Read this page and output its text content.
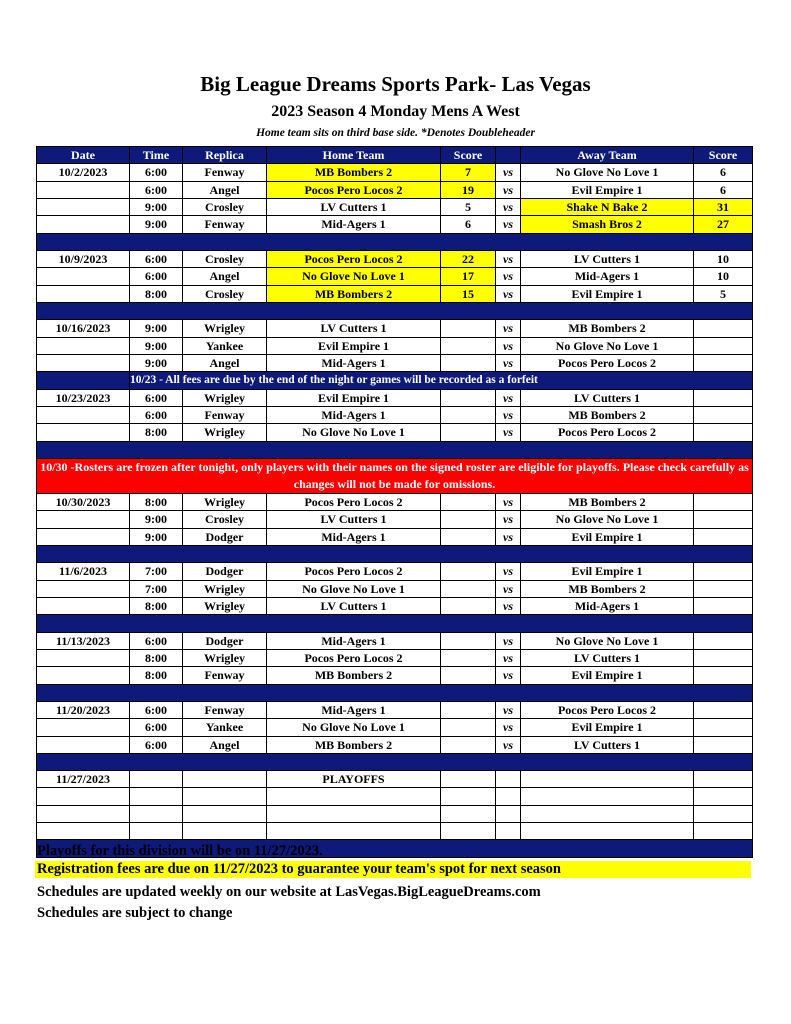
Big League Dreams Sports Park- Las Vegas
2023 Season 4 Monday Mens A West
Home team sits on third base side. *Denotes Doubleheader
Date	Time	Replica	Home Team	Score		Away Team	Score
10/2/2023	6:00	Fenway	MB Bombers 2	7	vs	No Glove No Love 1	6
	6:00	Angel	Pocos Pero Locos 2	19	vs	Evil Empire 1	6
	9:00	Crosley	LV Cutters 1	5	vs	Shake N Bake 2	31
	9:00	Fenway	Mid-Agers 1	6	vs	Smash Bros 2	27

10/9/2023	6:00	Crosley	Pocos Pero Locos 2	22	vs	LV Cutters 1	10
	6:00	Angel	No Glove No Love 1	17	vs	Mid-Agers 1	10
	8:00	Crosley	MB Bombers 2	15	vs	Evil Empire 1	5

10/16/2023	9:00	Wrigley	LV Cutters 1		vs	MB Bombers 2	
	9:00	Yankee	Evil Empire 1		vs	No Glove No Love 1	
	9:00	Angel	Mid-Agers 1		vs	Pocos Pero Locos 2	
	10/23 - All fees are due by the end of the night or games will be recorded as a forfeit						
10/23/2023	6:00	Wrigley	Evil Empire 1		vs	LV Cutters 1	
	6:00	Fenway	Mid-Agers 1		vs	MB Bombers 2	
	8:00	Wrigley	No Glove No Love 1		vs	Pocos Pero Locos 2	

10/30 -Rosters are frozen after tonight, only players with their names on the signed roster are eligible for playoffs. Please check carefully as changes will not be made for omissions.							
10/30/2023	8:00	Wrigley	Pocos Pero Locos 2		vs	MB Bombers 2	
	9:00	Crosley	LV Cutters 1		vs	No Glove No Love 1	
	9:00	Dodger	Mid-Agers 1		vs	Evil Empire 1	

11/6/2023	7:00	Dodger	Pocos Pero Locos 2		vs	Evil Empire 1	
	7:00	Wrigley	No Glove No Love 1		vs	MB Bombers 2	
	8:00	Wrigley	LV Cutters 1		vs	Mid-Agers 1	

11/13/2023	6:00	Dodger	Mid-Agers 1		vs	No Glove No Love 1	
	8:00	Wrigley	Pocos Pero Locos 2		vs	LV Cutters 1	
	8:00	Fenway	MB Bombers 2		vs	Evil Empire 1	

11/20/2023	6:00	Fenway	Mid-Agers 1		vs	Pocos Pero Locos 2	
	6:00	Yankee	No Glove No Love 1		vs	Evil Empire 1	
	6:00	Angel	MB Bombers 2		vs	LV Cutters 1	

11/27/2023			PLAYOFFS				

Playoffs for this division will be on 11/27/2023.
Registration fees are due on 11/27/2023 to guarantee your team's spot for next season
Schedules are updated weekly on our website at LasVegas.BigLeagueDreams.com
Schedules are subject to change
